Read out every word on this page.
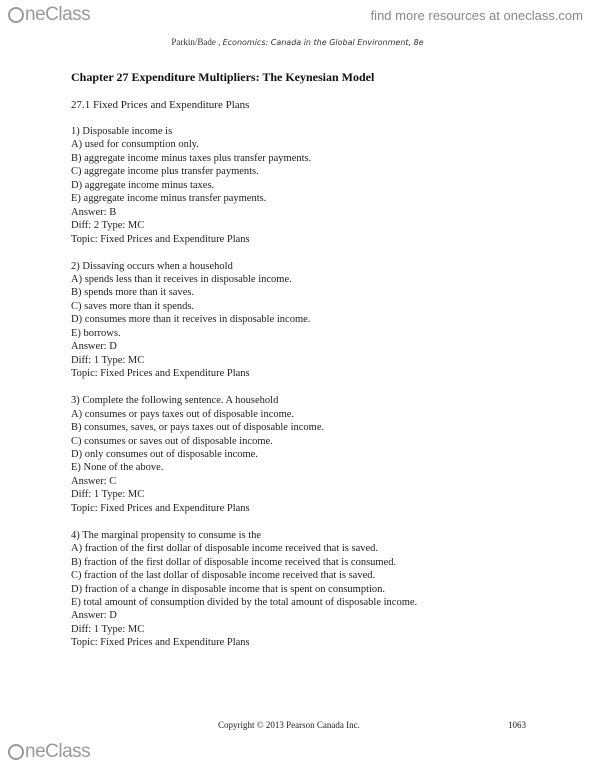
neClass	find more resources at oneclass.com
Parkin/Bade , Economics: Canada in the Global Environment, 8e
Chapter 27 Expenditure Multipliers: The Keynesian Model
27.1 Fixed Prices and Expenditure Plans
1) Disposable income is
A) used for consumption only.
B) aggregate income minus taxes plus transfer payments.
C) aggregate income plus transfer payments.
D) aggregate income minus taxes.
E) aggregate income minus transfer payments.
Answer: B
Diff: 2 Type: MC
Topic: Fixed Prices and Expenditure Plans
2) Dissaving occurs when a household
A) spends less than it receives in disposable income.
B) spends more than it saves.
C) saves more than it spends.
D) consumes more than it receives in disposable income.
E) borrows.
Answer: D
Diff: 1 Type: MC
Topic: Fixed Prices and Expenditure Plans
3) Complete the following sentence. A household
A) consumes or pays taxes out of disposable income.
B) consumes, saves, or pays taxes out of disposable income.
C) consumes or saves out of disposable income.
D) only consumes out of disposable income.
E) None of the above.
Answer: C
Diff: 1 Type: MC
Topic: Fixed Prices and Expenditure Plans
4) The marginal propensity to consume is the
A) fraction of the first dollar of disposable income received that is saved.
B) fraction of the first dollar of disposable income received that is consumed.
C) fraction of the last dollar of disposable income received that is saved.
D) fraction of a change in disposable income that is spent on consumption.
E) total amount of consumption divided by the total amount of disposable income.
Answer: D
Diff: 1 Type: MC
Topic: Fixed Prices and Expenditure Plans
Copyright © 2013 Pearson Canada Inc.	1063
neClass
